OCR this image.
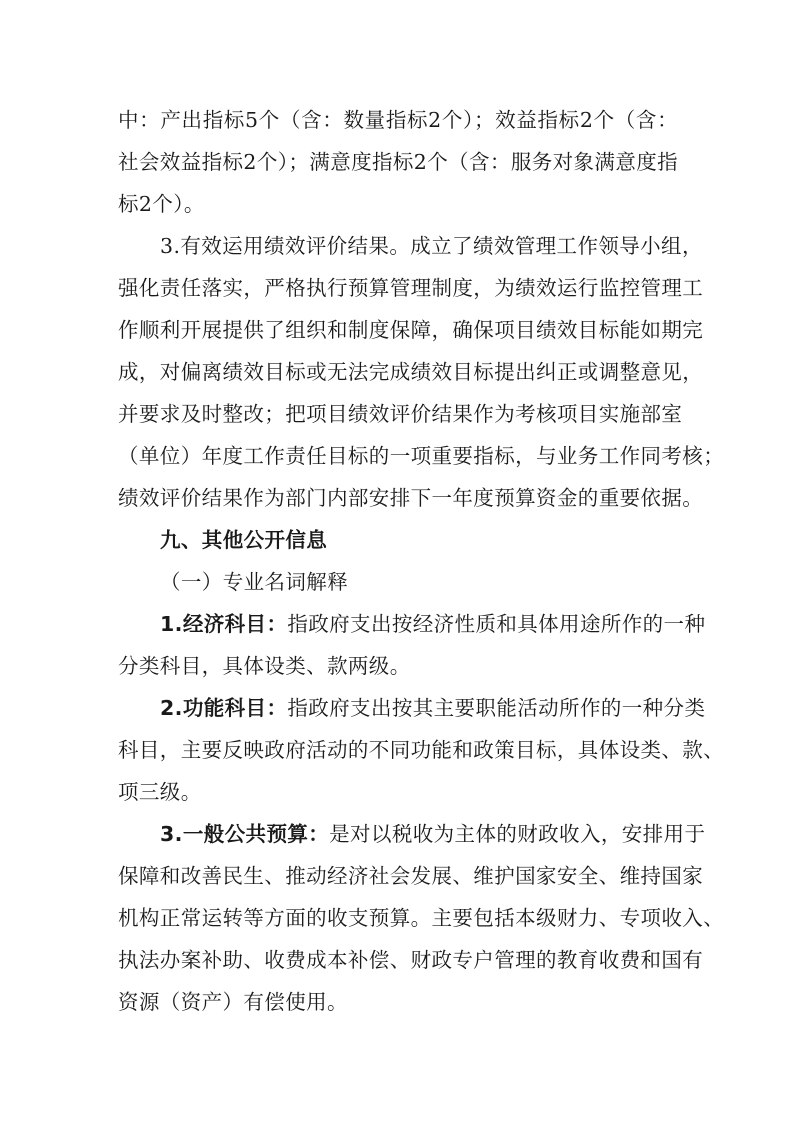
中：产出指标5个（含：数量指标2个）；效益指标2个（含：
社会效益指标2个）；满意度指标2个（含：服务对象满意度指
标2个）。
3.有效运用绩效评价结果。成立了绩效管理工作领导小组，
强化责任落实，严格执行预算管理制度，为绩效运行监控管理工
作顺利开展提供了组织和制度保障，确保项目绩效目标能如期完
成，对偏离绩效目标或无法完成绩效目标提出纠正或调整意见，
并要求及时整改；把项目绩效评价结果作为考核项目实施部室
（单位）年度工作责任目标的一项重要指标，与业务工作同考核；
绩效评价结果作为部门内部安排下一年度预算资金的重要依据。
九、其他公开信息
（一）专业名词解释
1.经济科目：指政府支出按经济性质和具体用途所作的一种
分类科目，具体设类、款两级。
2.功能科目：指政府支出按其主要职能活动所作的一种分类
科目，主要反映政府活动的不同功能和政策目标，具体设类、款、
项三级。
3.一般公共预算：是对以税收为主体的财政收入，安排用于
保障和改善民生、推动经济社会发展、维护国家安全、维持国家
机构正常运转等方面的收支预算。主要包括本级财力、专项收入、
执法办案补助、收费成本补偿、财政专户管理的教育收费和国有
资源（资产）有偿使用。
